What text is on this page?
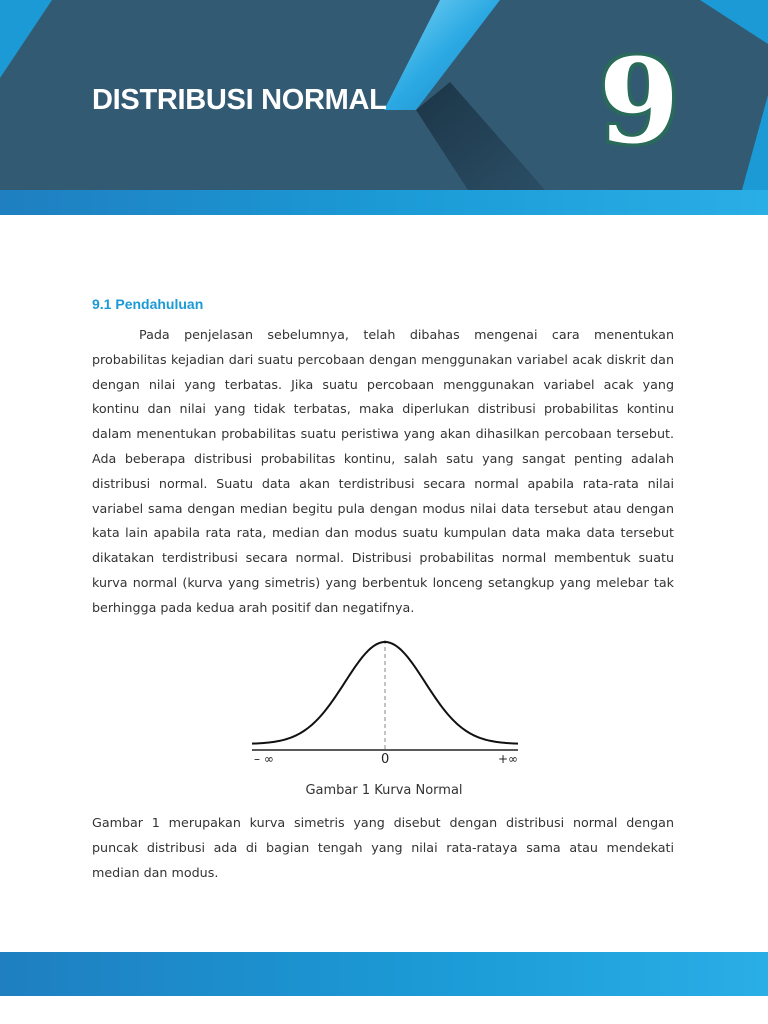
DISTRIBUSI NORMAL 9
9.1 Pendahuluan

Pada penjelasan sebelumnya, telah dibahas mengenai cara menentukan probabilitas kejadian dari suatu percobaan dengan menggunakan variabel acak diskrit dan dengan nilai yang terbatas. Jika suatu percobaan menggunakan variabel acak yang kontinu dan nilai yang tidak terbatas, maka diperlukan distribusi probabilitas kontinu dalam menentukan probabilitas suatu peristiwa yang akan dihasilkan percobaan tersebut. Ada beberapa distribusi probabilitas kontinu, salah satu yang sangat penting adalah distribusi normal. Suatu data akan terdistribusi secara normal apabila rata-rata nilai variabel sama dengan median begitu pula dengan modus nilai data tersebut atau dengan kata lain apabila rata rata, median dan modus suatu kumpulan data maka data tersebut dikatakan terdistribusi secara normal. Distribusi probabilitas normal membentuk suatu kurva normal (kurva yang simetris) yang berbentuk lonceng setangkup yang melebar tak berhingga pada kedua arah positif dan negatifnya.

– ∞	0	+∞

Gambar 1 Kurva Normal

Gambar 1 merupakan kurva simetris yang disebut dengan distribusi normal dengan puncak distribusi ada di bagian tengah yang nilai rata-rataya sama atau mendekati median dan modus.
